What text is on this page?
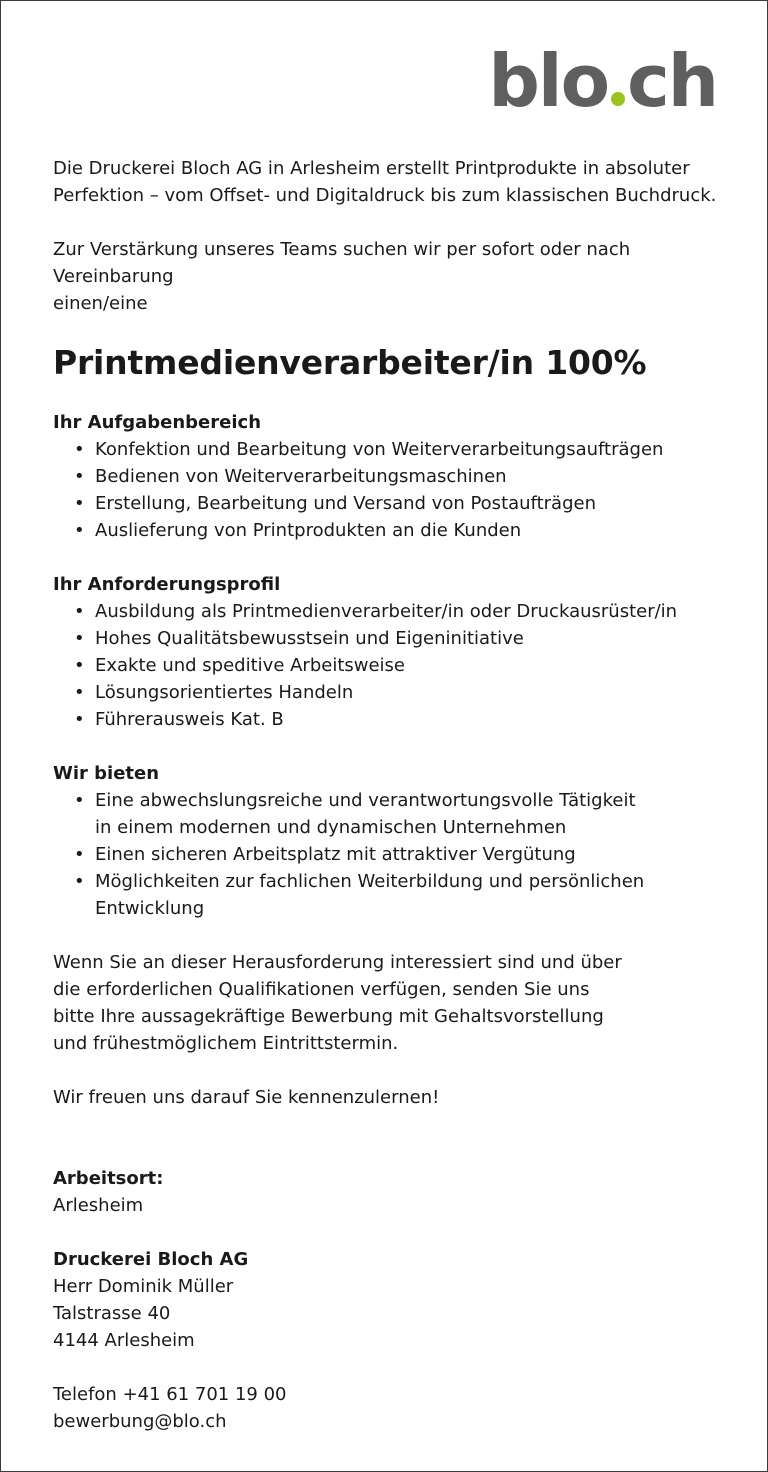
blo ch

Die Druckerei Bloch AG in Arlesheim erstellt Printprodukte in absoluter

Perfektion – vom Offset- und Digitaldruck bis zum klassischen Buchdruck.

Zur Verstärkung unseres Teams suchen wir per sofort oder nach Vereinbarung

einen/eine

Printmedienverarbeiter/in 100%

Ihr Aufgabenbereich

• Konfektion und Bearbeitung von Weiterverarbeitungsaufträgen
• Bedienen von Weiterverarbeitungsmaschinen
• Erstellung, Bearbeitung und Versand von Postaufträgen
• Auslieferung von Printprodukten an die Kunden

Ihr Anforderungsprofil

• Ausbildung als Printmedienverarbeiter/in oder Druckausrüster/in
• Hohes Qualitätsbewusstsein und Eigeninitiative
• Exakte und speditive Arbeitsweise
• Lösungsorientiertes Handeln
• Führerausweis Kat. B

Wir bieten

• Eine abwechslungsreiche und verantwortungsvolle Tätigkeit
in einem modernen und dynamischen Unternehmen
• Einen sicheren Arbeitsplatz mit attraktiver Vergütung
• Möglichkeiten zur fachlichen Weiterbildung und persönlichen Entwicklung

Wenn Sie an dieser Herausforderung interessiert sind und über

die erforderlichen Qualifikationen verfügen, senden Sie uns

bitte Ihre aussagekräftige Bewerbung mit Gehaltsvorstellung

und frühestmöglichem Eintrittstermin.

Wir freuen uns darauf Sie kennenzulernen!

Arbeitsort:

Arlesheim

Druckerei Bloch AG

Herr Dominik Müller

Talstrasse 40

4144 Arlesheim

Telefon +41 61 701 19 00

bewerbung@blo.ch
